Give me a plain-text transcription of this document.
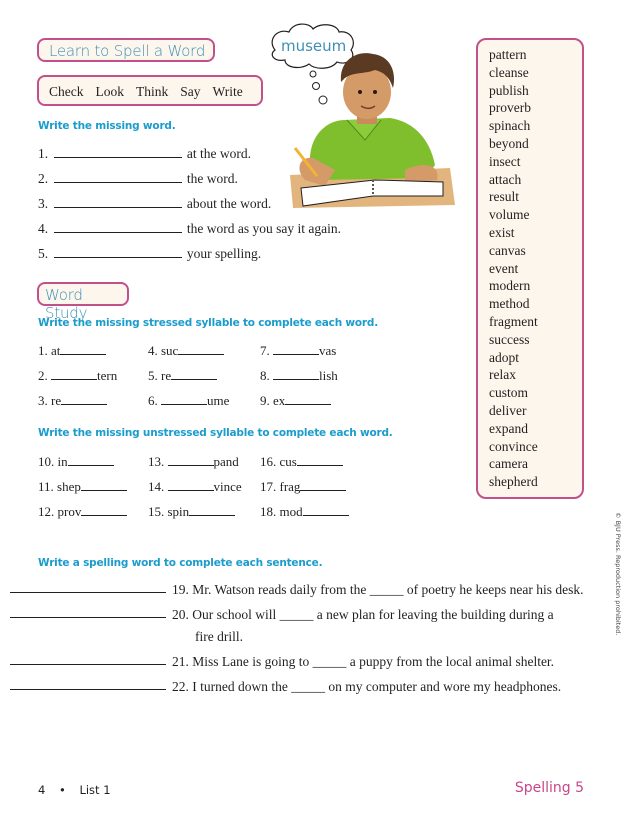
Learn to Spell a Word
Check Look Think Say Write
museum
Write the missing word.
1.	at the word.
2.	the word.
3.	about the word.
4.	the word as you say it again.
5.	your spelling.
Word Study
Write the missing stressed syllable to complete each word.
1. at	4. suc	7.	vas
2.	tern 5. re	8.	lish
3. re	6.	ume 9. ex
Write the missing unstressed syllable to complete each word.
10. in	13.	pand 16. cus
11. shep	14.	vince 17. frag
12. prov	15. spin	18. mod
pattern
cleanse
publish
proverb
spinach
beyond
insect
attach
result
volume
exist
canvas
event
modern
method
fragment
success
adopt
relax
custom
deliver
expand
convince
camera
shepherd
Write a spelling word to complete each sentence.
19. Mr. Watson reads daily from the _____ of poetry he keeps near his desk.
20. Our school will _____ a new plan for leaving the building during a
fire drill.
21. Miss Lane is going to _____ a puppy from the local animal shelter.
22. I turned down the _____ on my computer and wore my headphones.
© BJU Press. Reproduction prohibited.
4 • List 1	Spelling 5
